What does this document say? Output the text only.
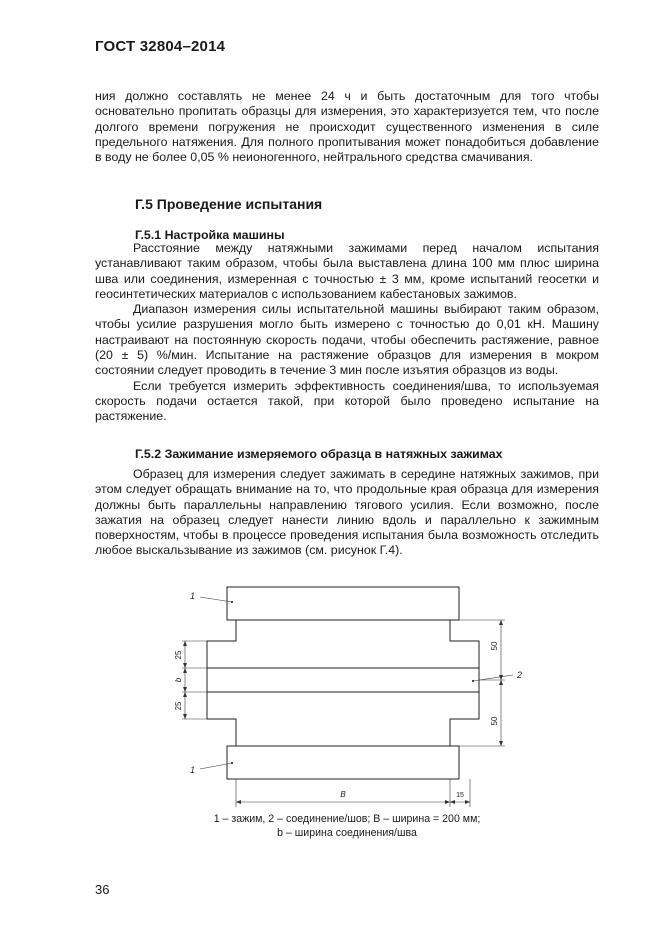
ГОСТ 32804–2014
ния должно составлять не менее 24 ч и быть достаточным для того чтобы основательно пропитать образцы для измерения, это характеризуется тем, что после долгого времени погружения не происходит существенного изменения в силе предельного натяжения. Для полного пропитывания может понадобиться добавление в воду не более 0,05 % неионогенного, нейтрального средства смачивания.
Г.5 Проведение испытания
Г.5.1 Настройка машины
Расстояние между натяжными зажимами перед началом испытания устанавливают таким образом, чтобы была выставлена длина 100 мм плюс ширина шва или соединения, измеренная с точностью ± 3 мм, кроме испытаний геосетки и геосинтетических материалов с использованием кабестановых зажимов.
Диапазон измерения силы испытательной машины выбирают таким образом, чтобы усилие разрушения могло быть измерено с точностью до 0,01 кН. Машину настраивают на постоянную скорость подачи, чтобы обеспечить растяжение, равное (20 ± 5) %/мин. Испытание на растяжение образцов для измерения в мокром состоянии следует проводить в течение 3 мин после изъятия образцов из воды.
Если требуется измерить эффективность соединения/шва, то используемая скорость подачи остается такой, при которой было проведено испытание на растяжение.
Г.5.2 Зажимание измеряемого образца в натяжных зажимах
Образец для измерения следует зажимать в середине натяжных зажимов, при этом следует обращать внимание на то, что продольные края образца для измерения должны быть параллельны направлению тягового усилия. Если возможно, после зажатия на образец следует нанести линию вдоль и параллельно к зажимным поверхностям, чтобы в процессе проведения испытания была возможность отследить любое выскальзывание из зажимов (см. рисунок Г.4).
1
1
2
25
b
25
50
50
B	15
1 – зажим, 2 – соединение/шов; B – ширина = 200 мм;
b – ширина соединения/шва
36
